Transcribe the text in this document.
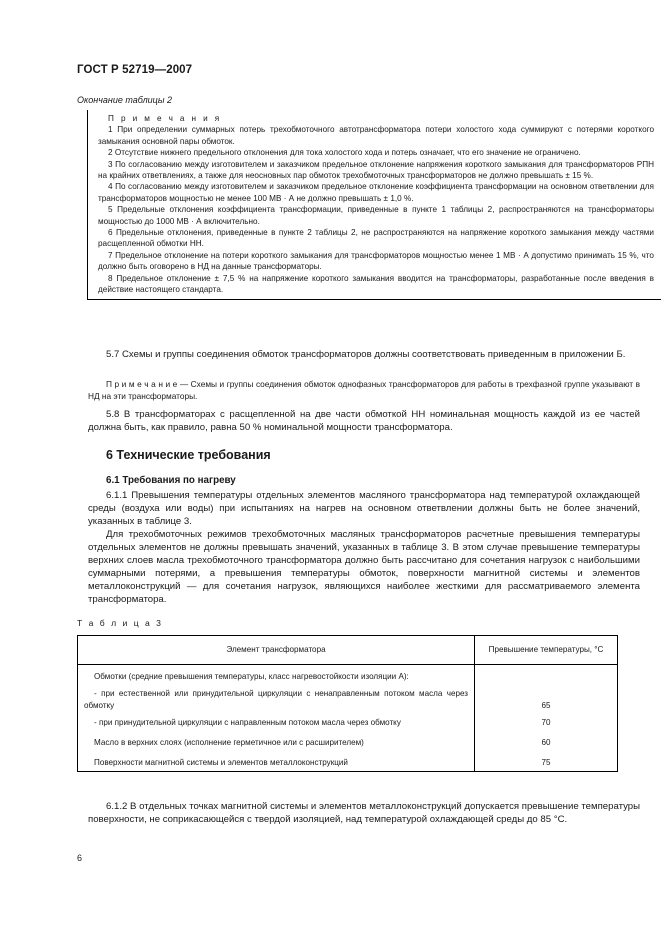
ГОСТ Р 52719—2007
Окончание таблицы 2

П р и м е ч а н и я

1 При определении суммарных потерь трехобмоточного автотрансформатора потери холостого хода суммируют с потерями короткого замыкания основной пары обмоток.

2 Отсутствие нижнего предельного отклонения для тока холостого хода и потерь означает, что его значение не ограничено.

3 По согласованию между изготовителем и заказчиком предельное отклонение напряжения короткого замыкания для трансформаторов РПН на крайних ответвлениях, а также для неосновных пар обмоток трехобмоточных трансформаторов не должно превышать ± 15 %.

4 По согласованию между изготовителем и заказчиком предельное отклонение коэффициента трансформации на основном ответвлении для трансформаторов мощностью не менее 100 МВ · А не должно превышать ± 1,0 %.

5 Предельные отклонения коэффициента трансформации, приведенные в пункте 1 таблицы 2, распространяются на трансформаторы мощностью до 1000 МВ · А включительно.

6 Предельные отклонения, приведенные в пункте 2 таблицы 2, не распространяются на напряжение короткого замыкания между частями расщепленной обмотки НН.

7 Предельное отклонение на потери короткого замыкания для трансформаторов мощностью менее 1 МВ · А допустимо принимать 15 %, что должно быть оговорено в НД на данные трансформаторы.

8 Предельное отклонение ± 7,5 % на напряжение короткого замыкания вводится на трансформаторы, разработанные после введения в действие настоящего стандарта.

5.7 Схемы и группы соединения обмоток трансформаторов должны соответствовать приведенным в приложении Б.

П р и м е ч а н и е — Схемы и группы соединения обмоток однофазных трансформаторов для работы в трехфазной группе указывают в НД на эти трансформаторы.

5.8 В трансформаторах с расщепленной на две части обмоткой НН номинальная мощность каждой из ее частей должна быть, как правило, равна 50 % номинальной мощности трансформатора.

6 Технические требования
6.1 Требования по нагреву

6.1.1 Превышения температуры отдельных элементов масляного трансформатора над температурой охлаждающей среды (воздуха или воды) при испытаниях на нагрев на основном ответвлении должны быть не более значений, указанных в таблице 3.

Для трехобмоточных режимов трехобмоточных масляных трансформаторов расчетные превышения температуры отдельных элементов не должны превышать значений, указанных в таблице 3. В этом случае превышение температуры верхних слоев масла трехобмоточного трансформатора должно быть рассчитано для сочетания нагрузок с наибольшими суммарными потерями, а превышения температуры обмоток, поверхности магнитной системы и элементов металлоконструкций — для сочетания нагрузок, являющихся наиболее жесткими для рассматриваемого элемента трансформатора.

Т а б л и ц а 3

Элемент трансформатора	Превышение температуры, °С

Обмотки (средние превышения температуры, класс нагревостойкости изоляции А):	

- при естественной или принудительной циркуляции с ненаправленным потоком масла через обмотку	65

- при принудительной циркуляции с направленным потоком масла через обмотку	70

Масло в верхних слоях (исполнение герметичное или с расширителем)	60

Поверхности магнитной системы и элементов металлоконструкций	75

6.1.2 В отдельных точках магнитной системы и элементов металлоконструкций допускается превышение температуры поверхности, не соприкасающейся с твердой изоляцией, над температурой охлаждающей среды до 85 °С.

6
